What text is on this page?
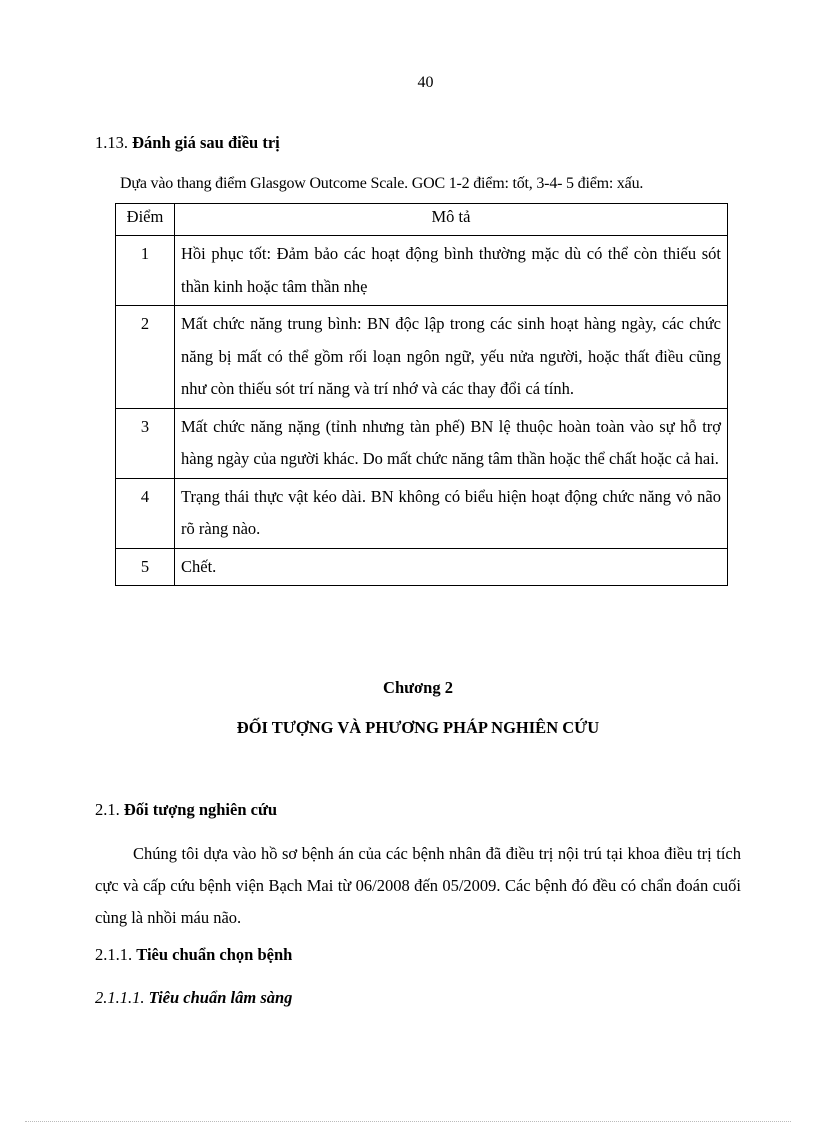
40
1.13. Đánh giá sau điều trị
Dựa vào thang điểm Glasgow Outcome Scale. GOC 1-2 điểm: tốt, 3-4- 5 điểm: xấu.
Điểm	Mô tả
1	Hồi phục tốt: Đảm bảo các hoạt động bình thường mặc dù có thể còn thiếu sót thần kinh hoặc tâm thần nhẹ
2	Mất chức năng trung bình: BN độc lập trong các sinh hoạt hàng ngày, các chức năng bị mất có thể gồm rối loạn ngôn ngữ, yếu nửa người, hoặc thất điều cũng như còn thiếu sót trí năng và trí nhớ và các thay đổi cá tính.
3	Mất chức năng nặng (tỉnh nhưng tàn phế) BN lệ thuộc hoàn toàn vào sự hỗ trợ hàng ngày của người khác. Do mất chức năng tâm thần hoặc thể chất hoặc cả hai.
4	Trạng thái thực vật kéo dài. BN không có biểu hiện hoạt động chức năng vỏ não rõ ràng nào.
5	Chết.
Chương 2
ĐỐI TƯỢNG VÀ PHƯƠNG PHÁP NGHIÊN CỨU
2.1. Đối tượng nghiên cứu
Chúng tôi dựa vào hồ sơ bệnh án của các bệnh nhân đã điều trị nội trú tại khoa điều trị tích cực và cấp cứu bệnh viện Bạch Mai từ 06/2008 đến 05/2009. Các bệnh đó đều có chẩn đoán cuối cùng là nhồi máu não.
2.1.1. Tiêu chuẩn chọn bệnh
2.1.1.1. Tiêu chuẩn lâm sàng
